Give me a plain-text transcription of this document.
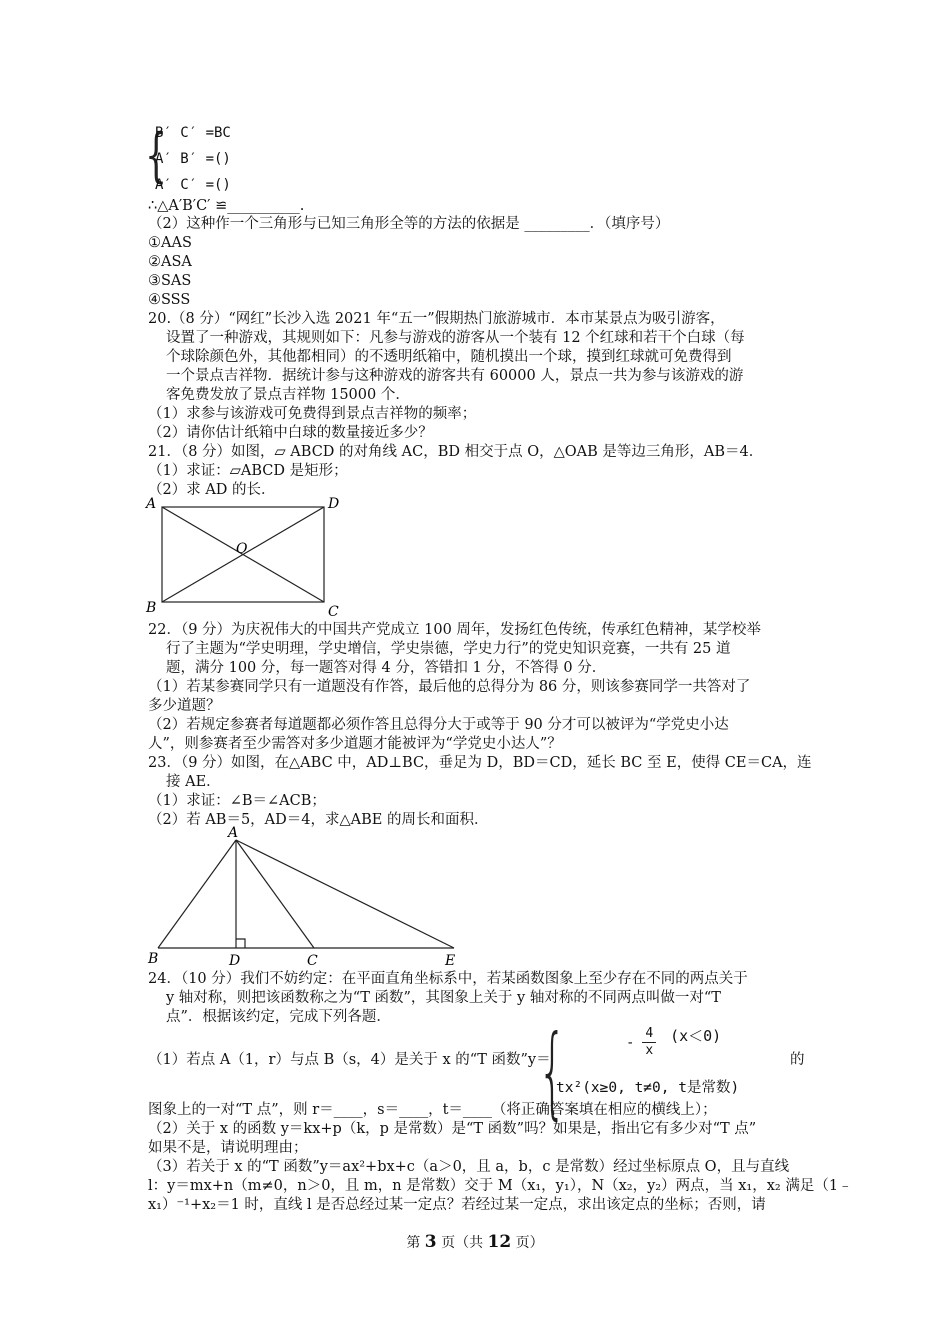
{
B′ C′ =BC
A′ B′ =()
A′ C′ =()
∴△A′B′C′ ≌__________.
（2）这种作一个三角形与已知三角形全等的方法的依据是 _________．（填序号）
①AAS
②ASA
③SAS
④SSS
20.（8 分）“网红”长沙入选 2021 年“五一”假期热门旅游城市．本市某景点为吸引游客，
设置了一种游戏，其规则如下：凡参与游戏的游客从一个装有 12 个红球和若干个白球（每
个球除颜色外，其他都相同）的不透明纸箱中，随机摸出一个球，摸到红球就可免费得到
一个景点吉祥物．据统计参与这种游戏的游客共有 60000 人，景点一共为参与该游戏的游
客免费发放了景点吉祥物 15000 个．
（1）求参与该游戏可免费得到景点吉祥物的频率；
（2）请你估计纸箱中白球的数量接近多少？
21．（8 分）如图，▱ ABCD 的对角线 AC，BD 相交于点 O，△OAB 是等边三角形，AB＝4．
（1）求证：▱ABCD 是矩形；
（2）求 AD 的长．
A	D
B	C
O
22．（9 分）为庆祝伟大的中国共产党成立 100 周年，发扬红色传统，传承红色精神，某学校举
行了主题为“学史明理，学史增信，学史崇德，学史力行”的党史知识竞赛，一共有 25 道
题，满分 100 分，每一题答对得 4 分，答错扣 1 分，不答得 0 分．
（1）若某参赛同学只有一道题没有作答，最后他的总得分为 86 分，则该参赛同学一共答对了
多少道题？
（2）若规定参赛者每道题都必须作答且总得分大于或等于 90 分才可以被评为“学党史小达
人”，则参赛者至少需答对多少道题才能被评为“学党史小达人”？
23．（9 分）如图，在△ABC 中，AD⊥BC，垂足为 D，BD＝CD，延长 BC 至 E，使得 CE＝CA，连
接 AE．
（1）求证：∠B＝∠ACB；
（2）若 AB＝5，AD＝4，求△ABE 的周长和面积．
A
B	D	C	E
24．（10 分）我们不妨约定：在平面直角坐标系中，若某函数图象上至少存在不同的两点关于
y 轴对称，则把该函数称之为“T 函数”，其图象上关于 y 轴对称的不同两点叫做一对“T
点”．根据该约定，完成下列各题．
（1）若点 A（1，r）与点 B（s，4）是关于 x 的“T 函数”y＝
{	- $\frac{4}{x} (x<0)$
tx²(x≥0, t≠0, t是常数)
的
图象上的一对“T 点”，则 r＝____，s＝____，t＝____（将正确答案填在相应的横线上）；
（2）关于 x 的函数 y＝kx+p（k，p 是常数）是“T 函数”吗？如果是，指出它有多少对“T 点”
如果不是，请说明理由；
（3）若关于 x 的“T 函数”y＝ax²+bx+c（a＞0，且 a，b，c 是常数）经过坐标原点 O，且与直线
l：y＝mx+n（m≠0，n＞0，且 m，n 是常数）交于 M（x₁，y₁），N（x₂，y₂）两点，当 x₁，x₂ 满足（1﹣
x₁）⁻¹+x₂＝1 时，直线 l 是否总经过某一定点？若经过某一定点，求出该定点的坐标；否则，请
第 3 页（共 12 页）
